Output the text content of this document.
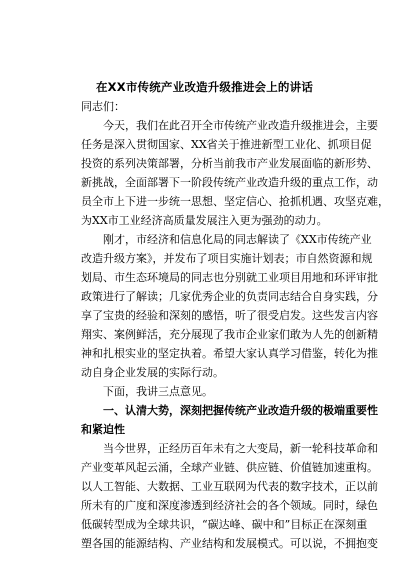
在XX市传统产业改造升级推进会上的讲话
同志们：
今天，我们在此召开全市传统产业改造升级推进会，主要
任务是深入贯彻国家、XX省关于推进新型工业化、抓项目促
投资的系列决策部署，分析当前我市产业发展面临的新形势、
新挑战，全面部署下一阶段传统产业改造升级的重点工作，动
员全市上下进一步统一思想、坚定信心、抢抓机遇、攻坚克难，
为XX市工业经济高质量发展注入更为强劲的动力。
刚才，市经济和信息化局的同志解读了《XX市传统产业
改造升级方案》，并发布了项目实施计划表；市自然资源和规
划局、市生态环境局的同志也分别就工业项目用地和环评审批
政策进行了解读；几家优秀企业的负责同志结合自身实践，分
享了宝贵的经验和深刻的感悟，听了很受启发。这些发言内容
翔实、案例鲜活，充分展现了我市企业家们敢为人先的创新精
神和扎根实业的坚定执着。希望大家认真学习借鉴，转化为推
动自身企业发展的实际行动。
下面，我讲三点意见。
一、认清大势，深刻把握传统产业改造升级的极端重要性
和紧迫性
当今世界，正经历百年未有之大变局，新一轮科技革命和
产业变革风起云涌，全球产业链、供应链、价值链加速重构。
以人工智能、大数据、工业互联网为代表的数字技术，正以前
所未有的广度和深度渗透到经济社会的各个领域。同时，绿色
低碳转型成为全球共识，“碳达峰、碳中和”目标正在深刻重
塑各国的能源结构、产业结构和发展模式。可以说，不拥抱变
